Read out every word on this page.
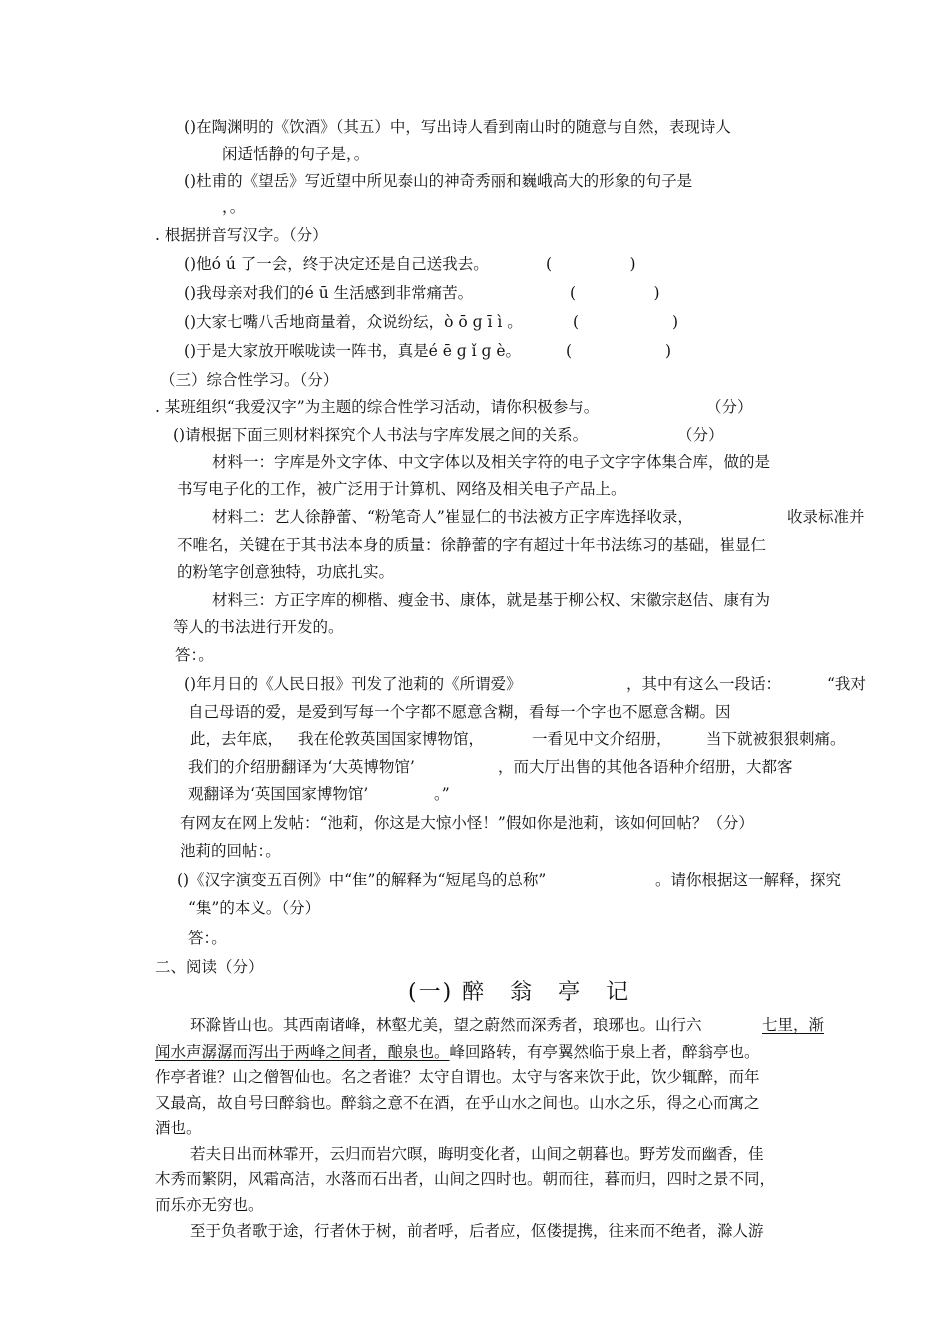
()在陶渊明的《饮酒》（其五）中，写出诗人看到南山时的随意与自然，表现诗人
闲适恬静的句子是，。
()杜甫的《望岳》写近望中所见泰山的神奇秀丽和巍峨高大的形象的句子是
，。
. 根据拼音写汉字。（分）
()他ó ú 了一会，终于决定还是自己送我去。	(　　　　　)
()我母亲对我们的é ū 生活感到非常痛苦。	(　　　　　)
()大家七嘴八舌地商量着，众说纷纭，ò ō ɡ ī ì 。	(　　　　　　)
()于是大家放开喉咙读一阵书，真是é ē ɡ ǐ ɡ è。	(　　　　　　)
（三）综合性学习。（分）
. 某班组织“我爱汉字”为主题的综合性学习活动，请你积极参与。	（分）
()请根据下面三则材料探究个人书法与字库发展之间的关系。	（分）
材料一：字库是外文字体、中文字体以及相关字符的电子文字字体集合库，做的是
书写电子化的工作，被广泛用于计算机、网络及相关电子产品上。
材料二：艺人徐静蕾、“粉笔奇人”崔显仁的书法被方正字库选择收录，	收录标准并
不唯名，关键在于其书法本身的质量：徐静蕾的字有超过十年书法练习的基础，崔显仁
的粉笔字创意独特，功底扎实。
材料三：方正字库的柳楷、瘦金书、康体，就是基于柳公权、宋徽宗赵佶、康有为
等人的书法进行开发的。
答：。
()年月日的《人民日报》刊发了池莉的《所谓爱》	，其中有这么一段话：	“我对
自己母语的爱，是爱到写每一个字都不愿意含糊，看每一个字也不愿意含糊。因
此，去年底， 我在伦敦英国国家博物馆，	一看见中文介绍册， 当下就被狠狠刺痛。
我们的介绍册翻译为‘大英博物馆’	，而大厅出售的其他各语种介绍册，大都客
观翻译为‘英国国家博物馆’	。”
有网友在网上发帖：“池莉，你这是大惊小怪！”假如你是池莉，该如何回帖？（分）
池莉的回帖：。
()《汉字演变五百例》中“隹”的解释为“短尾鸟的总称”	。请你根据这一解释，探究
“集”的本义。（分）
答：。
二、阅读（分）
(一) 醉　翁　亭　记
环滁皆山也。其西南诸峰，林壑尤美，望之蔚然而深秀者，琅琊也。山行六	七里，渐
闻水声潺潺而泻出于两峰之间者，酿泉也。峰回路转，有亭翼然临于泉上者，醉翁亭也。
作亭者谁？山之僧智仙也。名之者谁？太守自谓也。太守与客来饮于此，饮少辄醉，而年
又最高，故自号曰醉翁也。醉翁之意不在酒，在乎山水之间也。山水之乐，得之心而寓之
酒也。
若夫日出而林霏开，云归而岩穴暝，晦明变化者，山间之朝暮也。野芳发而幽香，佳
木秀而繁阴，风霜高洁，水落而石出者，山间之四时也。朝而往，暮而归，四时之景不同，
而乐亦无穷也。
至于负者歌于途，行者休于树，前者呼，后者应，伛偻提携，往来而不绝者，滁人游
